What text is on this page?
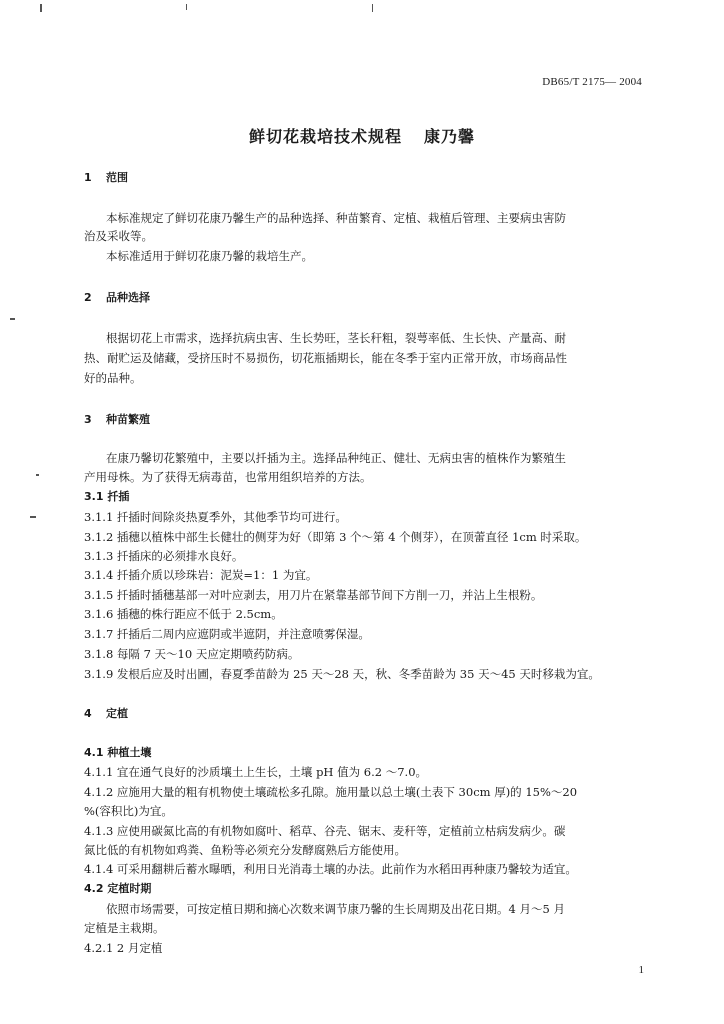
DB65/T 2175— 2004
鲜切花栽培技术规程 康乃馨
1 范围
本标准规定了鲜切花康乃馨生产的品种选择、种苗繁育、定植、栽植后管理、主要病虫害防
治及采收等。
本标准适用于鲜切花康乃馨的栽培生产。
2 品种选择
根据切花上市需求，选择抗病虫害、生长势旺，茎长秆粗，裂萼率低、生长快、产量高、耐
热、耐贮运及储藏，受挤压时不易损伤，切花瓶插期长，能在冬季于室内正常开放，市场商品性
好的品种。
3 种苗繁殖
在康乃馨切花繁殖中，主要以扦插为主。选择品种纯正、健壮、无病虫害的植株作为繁殖生
产用母株。为了获得无病毒苗，也常用组织培养的方法。
3.1 扦插
3.1.1 扦插时间除炎热夏季外，其他季节均可进行。
3.1.2 插穗以植株中部生长健壮的侧芽为好（即第 3 个～第 4 个侧芽），在顶蕾直径 1cm 时采取。
3.1.3 扦插床的必须排水良好。
3.1.4 扦插介质以珍珠岩：泥炭=1：1 为宜。
3.1.5 扦插时插穗基部一对叶应剥去，用刀片在紧靠基部节间下方削一刀，并沾上生根粉。
3.1.6 插穗的株行距应不低于 2.5cm。
3.1.7 扦插后二周内应遮阴或半遮阴，并注意喷雾保湿。
3.1.8 每隔 7 天～10 天应定期喷药防病。
3.1.9 发根后应及时出圃，春夏季苗龄为 25 天～28 天，秋、冬季苗龄为 35 天～45 天时移栽为宜。
4 定植
4.1 种植土壤
4.1.1 宜在通气良好的沙质壤土上生长，土壤 pH 值为 6.2 ～7.0。
4.1.2 应施用大量的粗有机物使土壤疏松多孔隙。施用量以总土壤(土表下 30cm 厚)的 15%～20
%(容积比)为宜。
4.1.3 应使用碳氮比高的有机物如腐叶、稻草、谷壳、锯末、麦秆等，定植前立枯病发病少。碳
氮比低的有机物如鸡粪、鱼粉等必须充分发酵腐熟后方能使用。
4.1.4 可采用翻耕后蓄水曝晒，利用日光消毒土壤的办法。此前作为水稻田再种康乃馨较为适宜。
4.2 定植时期
依照市场需要，可按定植日期和摘心次数来调节康乃馨的生长周期及出花日期。4 月～5 月
定植是主栽期。
4.2.1 2 月定植
1
